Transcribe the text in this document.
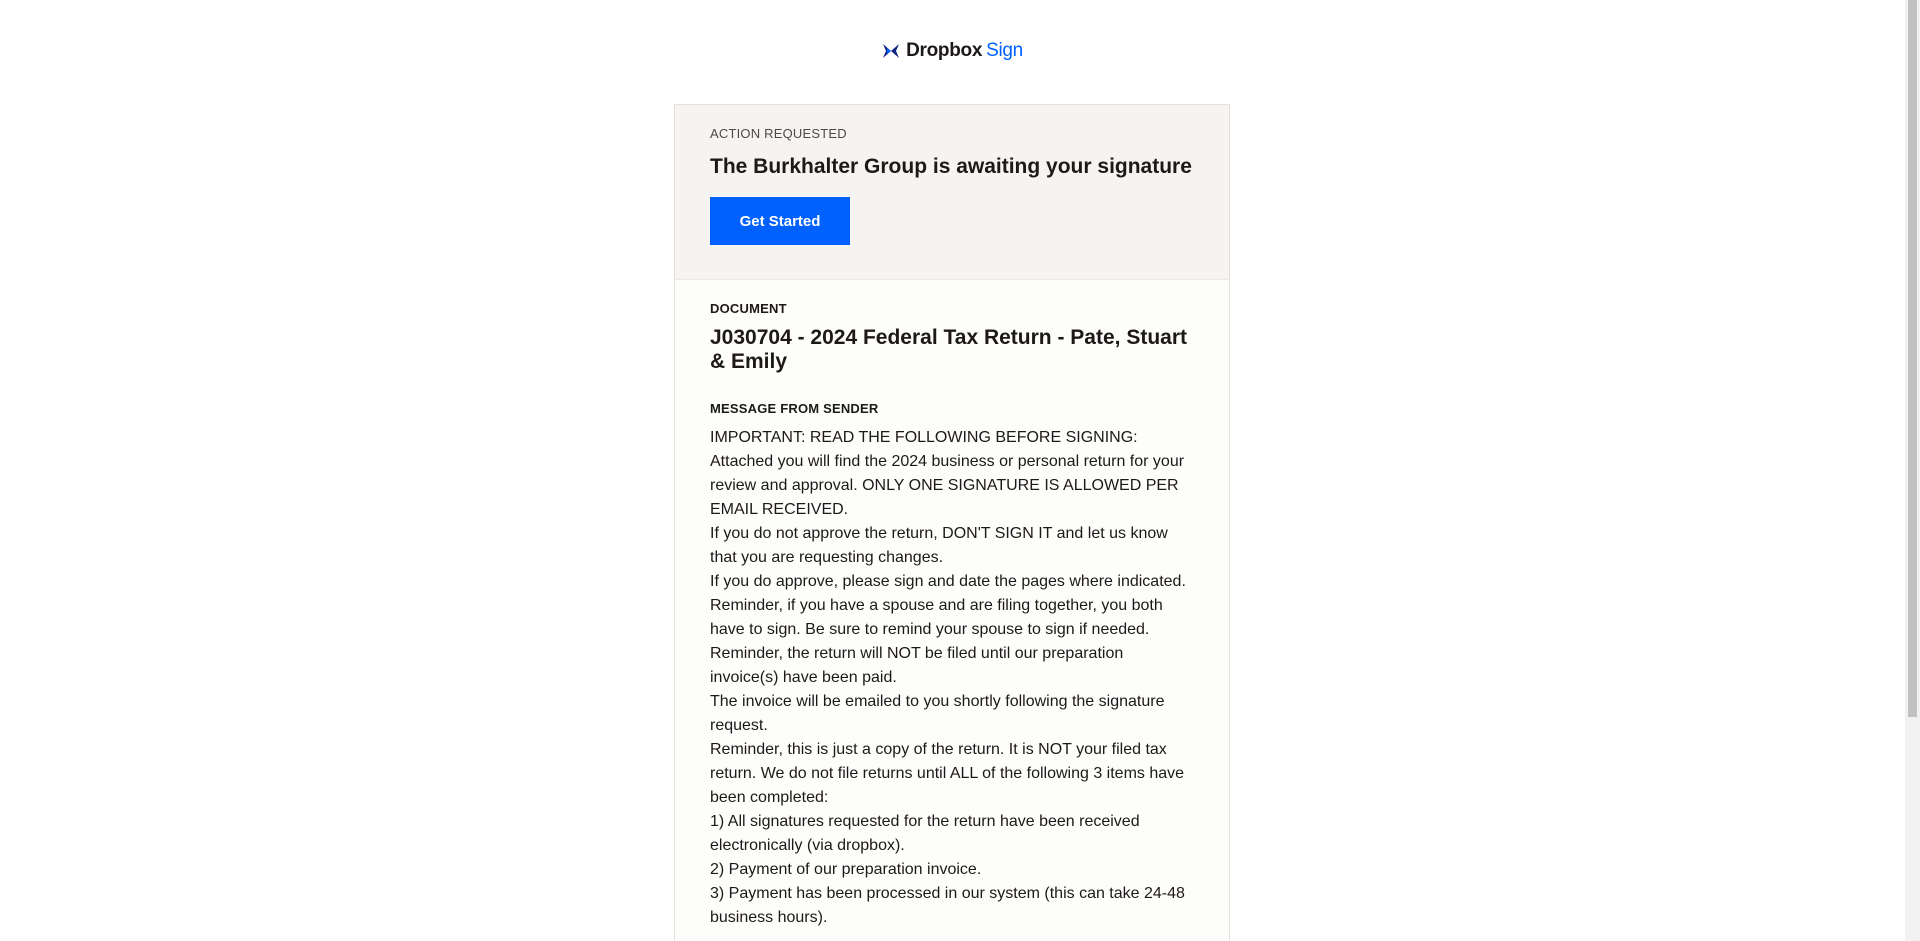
Dropbox Sign
ACTION REQUESTED
The Burkhalter Group is awaiting your signature
Get Started
DOCUMENT
J030704 - 2024 Federal Tax Return - Pate, Stuart & Emily
MESSAGE FROM SENDER

IMPORTANT: READ THE FOLLOWING BEFORE SIGNING:

Attached you will find the 2024 business or personal return for your review and approval. ONLY ONE SIGNATURE IS ALLOWED PER EMAIL RECEIVED.

If you do not approve the return, DON'T SIGN IT and let us know that you are requesting changes.

If you do approve, please sign and date the pages where indicated.

Reminder, if you have a spouse and are filing together, you both have to sign. Be sure to remind your spouse to sign if needed.

Reminder, the return will NOT be filed until our preparation invoice(s) have been paid.

The invoice will be emailed to you shortly following the signature request.

Reminder, this is just a copy of the return. It is NOT your filed tax return. We do not file returns until ALL of the following 3 items have been completed:

1) All signatures requested for the return have been received electronically (via dropbox).

2) Payment of our preparation invoice.

3) Payment has been processed in our system (this can take 24-48 business hours).
